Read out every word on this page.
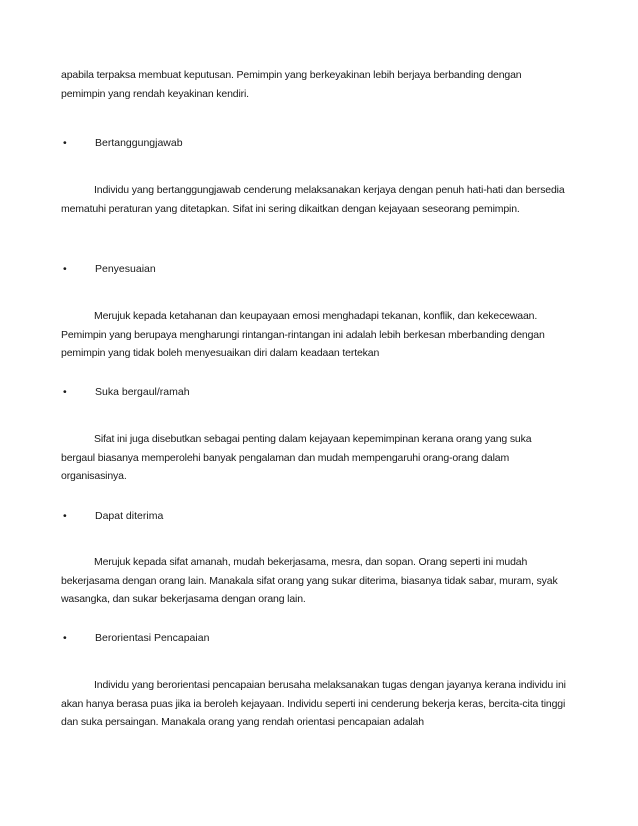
apabila terpaksa membuat keputusan. Pemimpin yang berkeyakinan lebih berjaya berbanding dengan pemimpin yang rendah keyakinan kendiri.

•	Bertanggungjawab

Individu yang bertanggungjawab cenderung melaksanakan kerjaya dengan penuh hati-hati dan bersedia mematuhi peraturan yang ditetapkan. Sifat ini sering dikaitkan dengan kejayaan seseorang pemimpin.

•	Penyesuaian

Merujuk kepada ketahanan dan keupayaan emosi menghadapi tekanan, konflik, dan kekecewaan. Pemimpin yang berupaya mengharungi rintangan-rintangan ini adalah lebih berkesan mberbanding dengan pemimpin yang tidak boleh menyesuaikan diri dalam keadaan tertekan

•	Suka bergaul/ramah

Sifat ini juga disebutkan sebagai penting dalam kejayaan kepemimpinan kerana orang yang suka bergaul biasanya memperolehi banyak pengalaman dan mudah mempengaruhi orang-orang dalam organisasinya.

•	Dapat diterima

Merujuk kepada sifat amanah, mudah bekerjasama, mesra, dan sopan. Orang seperti ini mudah bekerjasama dengan orang lain. Manakala sifat orang yang sukar diterima, biasanya tidak sabar, muram, syak wasangka, dan sukar bekerjasama dengan orang lain.

•	Berorientasi Pencapaian

Individu yang berorientasi pencapaian berusaha melaksanakan tugas dengan jayanya kerana individu ini akan hanya berasa puas jika ia beroleh kejayaan. Individu seperti ini cenderung bekerja keras, bercita-cita tinggi dan suka persaingan. Manakala orang yang rendah orientasi pencapaian adalah
